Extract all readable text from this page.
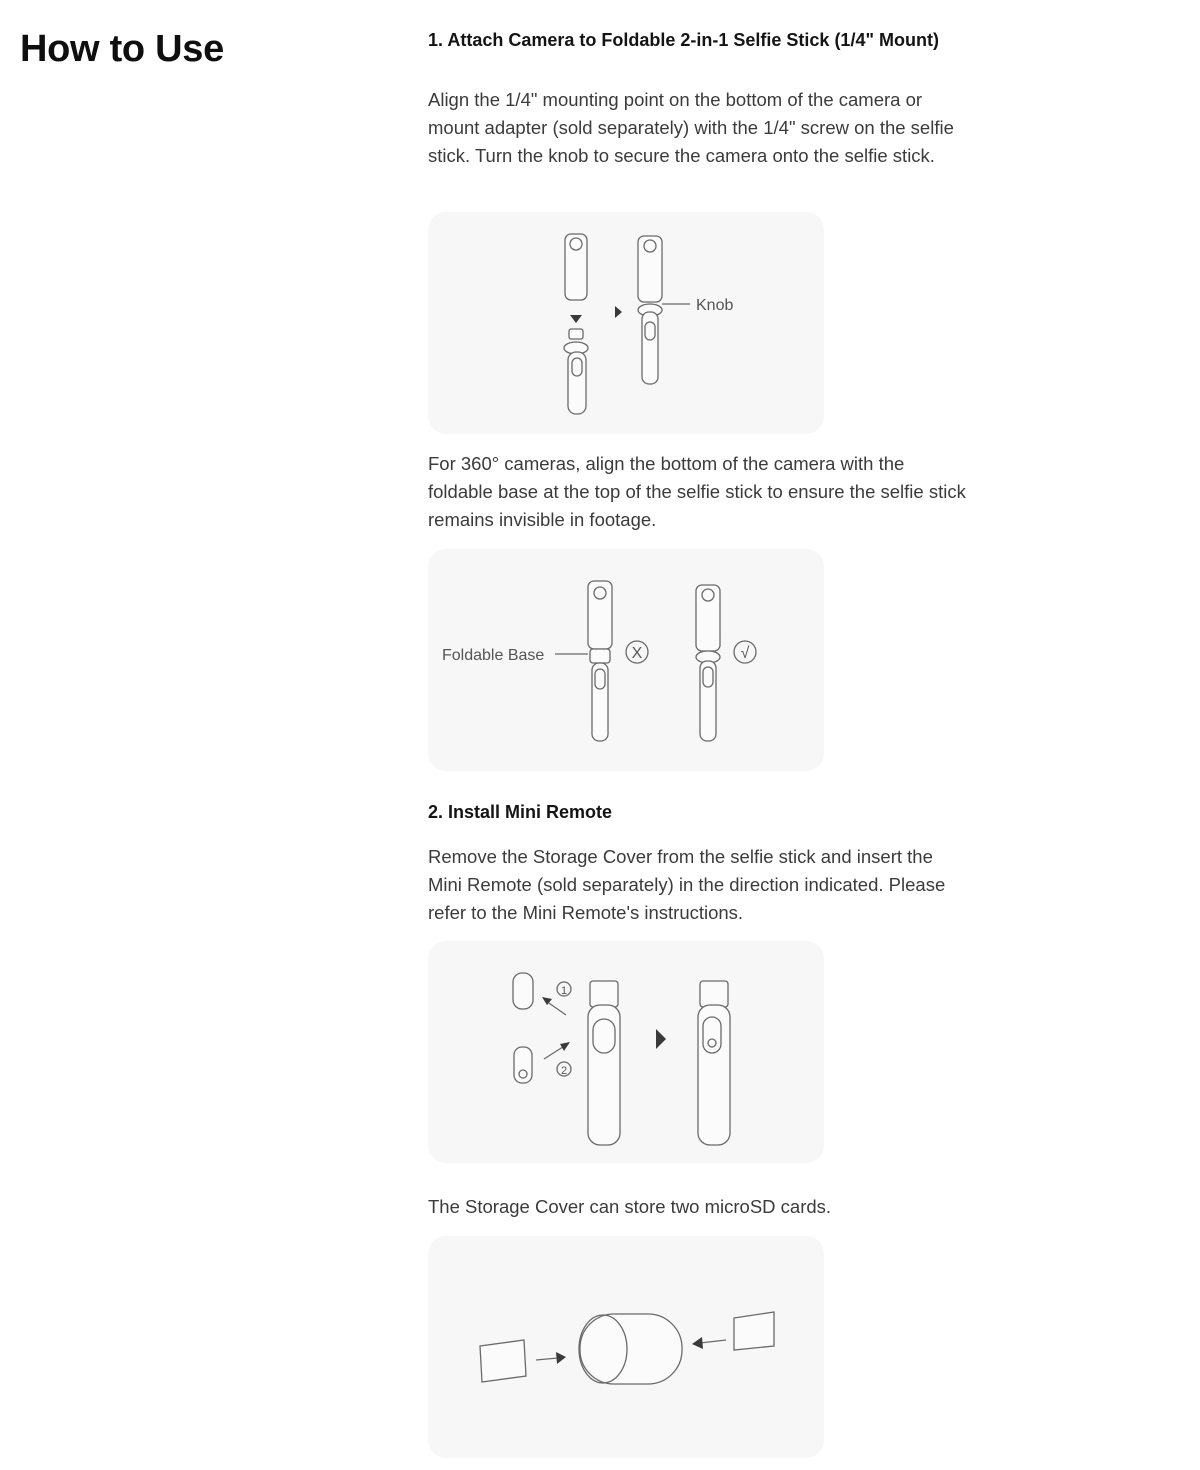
How to Use	1. Attach Camera to Foldable 2-in-1 Selfie Stick (1/4" Mount)

Align the 1/4" mounting point on the bottom of the camera or mount adapter (sold separately) with the 1/4" screw on the selfie stick. Turn the knob to secure the camera onto the selfie stick.

Knob

For 360° cameras, align the bottom of the camera with the foldable base at the top of the selfie stick to ensure the selfie stick remains invisible in footage.

Foldable Base	X	√
2. Install Mini Remote

Remove the Storage Cover from the selfie stick and insert the Mini Remote (sold separately) in the direction indicated. Please refer to the Mini Remote's instructions.

1
2

The Storage Cover can store two microSD cards.
